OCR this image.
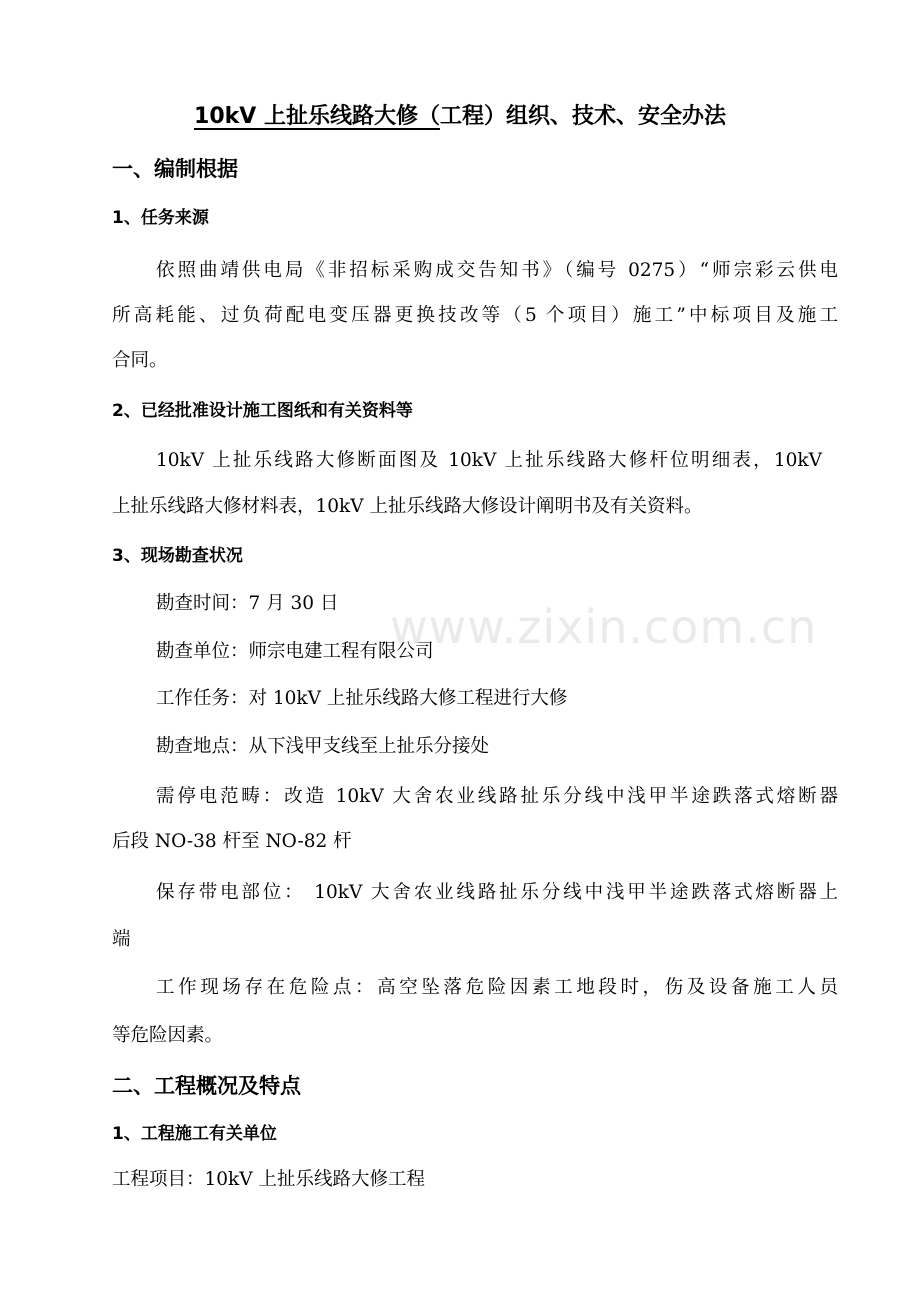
10kV 上扯乐线路大修（工程）组织、技术、安全办法
一、编制根据
1、任务来源
依照曲靖供电局《非招标采购成交告知书》（编号 0275）“师宗彩云供电
所高耗能、过负荷配电变压器更换技改等（5 个项目）施工”中标项目及施工
合同。
2、已经批准设计施工图纸和有关资料等
10kV 上扯乐线路大修断面图及 10kV 上扯乐线路大修杆位明细表，10kV
上扯乐线路大修材料表，10kV 上扯乐线路大修设计阐明书及有关资料。
3、现场勘查状况
勘查时间：7 月 30 日
勘查单位：师宗电建工程有限公司
工作任务：对 10kV 上扯乐线路大修工程进行大修
勘查地点：从下浅甲支线至上扯乐分接处
需停电范畴：改造 10kV 大舍农业线路扯乐分线中浅甲半途跌落式熔断器
后段 NO-38 杆至 NO-82 杆
保存带电部位： 10kV 大舍农业线路扯乐分线中浅甲半途跌落式熔断器上
端
工作现场存在危险点：高空坠落危险因素工地段时，伤及设备施工人员
等危险因素。
二、工程概况及特点
1、工程施工有关单位
工程项目：10kV 上扯乐线路大修工程
www.zixin.com.cn
